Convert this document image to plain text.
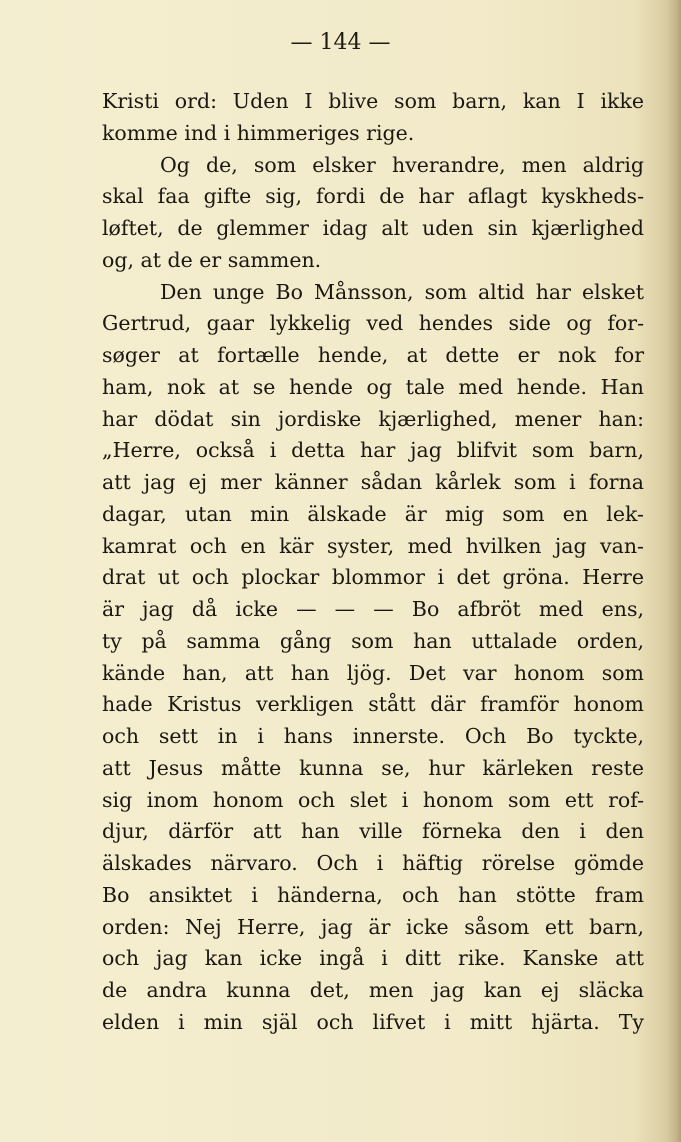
— 144 —
Kristi ord: Uden I blive som barn, kan I ikke
komme ind i himmeriges rige.
Og de, som elsker hverandre, men aldrig
skal faa gifte sig, fordi de har aflagt kyskheds-
løftet, de glemmer idag alt uden sin kjærlighed
og, at de er sammen.
Den unge Bo Månsson, som altid har elsket
Gertrud, gaar lykkelig ved hendes side og for-
søger at fortælle hende, at dette er nok for
ham, nok at se hende og tale med hende. Han
har dödat sin jordiske kjærlighed, mener han:
„Herre, också i detta har jag blifvit som barn,
att jag ej mer känner sådan kårlek som i forna
dagar, utan min älskade är mig som en lek-
kamrat och en kär syster, med hvilken jag van-
drat ut och plockar blommor i det gröna. Herre
är jag då icke — — — Bo afbröt med ens,
ty på samma gång som han uttalade orden,
kände han, att han ljög. Det var honom som
hade Kristus verkligen stått där framför honom
och sett in i hans innerste. Och Bo tyckte,
att Jesus måtte kunna se, hur kärleken reste
sig inom honom och slet i honom som ett rof-
djur, därför att han ville förneka den i den
älskades närvaro. Och i häftig rörelse gömde
Bo ansiktet i händerna, och han stötte fram
orden: Nej Herre, jag är icke såsom ett barn,
och jag kan icke ingå i ditt rike. Kanske att
de andra kunna det, men jag kan ej släcka
elden i min själ och lifvet i mitt hjärta. Ty
